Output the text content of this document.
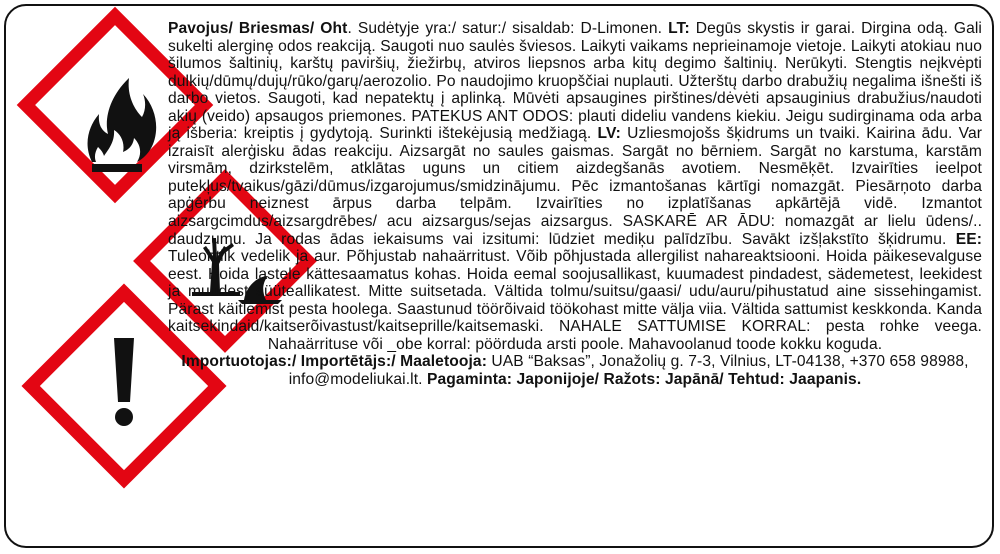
Pavojus/ Briesmas/ Oht. Sudėtyje yra:/ satur:/ sisaldab: D-Limonen. LT: Degūs skystis ir garai. Dirgina odą. Gali sukelti alerginę odos reakciją. Saugoti nuo saulės šviesos. Laikyti vaikams neprieinamoje vietoje. Laikyti atokiau nuo šilumos šaltinių, karštų paviršių, žiežirbų, atviros liepsnos arba kitų degimo šaltinių. Nerūkyti. Stengtis neįkvėpti dulkių/dūmų/dujų/rūko/garų/aerozolio. Po naudojimo kruopščiai nuplauti. Užterštų darbo drabužių negalima išnešti iš darbo vietos. Saugoti, kad nepatektų į aplinką. Mūvėti apsaugines pirštines/dėvėti apsauginius drabužius/naudoti akių (veido) apsaugos priemones. PATEKUS ANT ODOS: plauti dideliu vandens kiekiu. Jeigu sudirginama oda arba ją išberia: kreiptis į gydytoją. Surinkti ištekėjusią medžiagą. LV: Uzliesmojošs šķidrums un tvaiki. Kairina ādu. Var izraisīt alerģisku ādas reakciju. Aizsargāt no saules gaismas. Sargāt no bērniem. Sargāt no karstuma, karstām virsmām, dzirkstelēm, atklātas uguns un citiem aizdegšanās avotiem. Nesmēķēt. Izvairīties ieelpot putekļus/tvaikus/gāzi/dūmus/izgarojumus/smidzinājumu. Pēc izmantošanas kārtīgi nomazgāt. Piesārņoto darba apģērbu neiznest ārpus darba telpām. Izvairīties no izplatīšanas apkārtējā vidē. Izmantot aizsargcimdus/aizsargdrēbes/ acu aizsargus/sejas aizsargus. SASKARĒ AR ĀDU: nomazgāt ar lielu ūdens/.. daudzumu. Ja rodas ādas iekaisums vai izsitumi: lūdziet mediķu palīdzību. Savākt izšļakstīto šķidrumu. EE: Tuleohtlik vedelik ja aur. Põhjustab nahaärritust. Võib põhjustada allergilist nahareaktsiooni. Hoida päikesevalguse eest. Hoida lastele kättesaamatus kohas. Hoida eemal soojusallikast, kuumadest pindadest, sädemetest, leekidest ja muudest süüteallikatest. Mitte suitsetada. Vältida tolmu/suitsu/gaasi/ udu/auru/pihustatud aine sissehingamist. Pärast käitlemist pesta hoolega. Saastunud töörõivaid töökohast mitte välja viia. Vältida sattumist keskkonda. Kanda kaitsekindaid/kaitserõivastust/kaitseprille/kaitsemaski. NAHALE SATTUMISE KORRAL: pesta rohke veega. Nahaärrituse või _obe korral: pöörduda arsti poole. Mahavoolanud toode kokku koguda.
Importuotojas:/ Importētājs:/ Maaletooja: UAB “Baksas”, Jonažolių g. 7-3, Vilnius, LT-04138, +370 658 98988, info@modeliukai.lt. Pagaminta: Japonijoje/ Ražots: Japānā/ Tehtud: Jaapanis.
